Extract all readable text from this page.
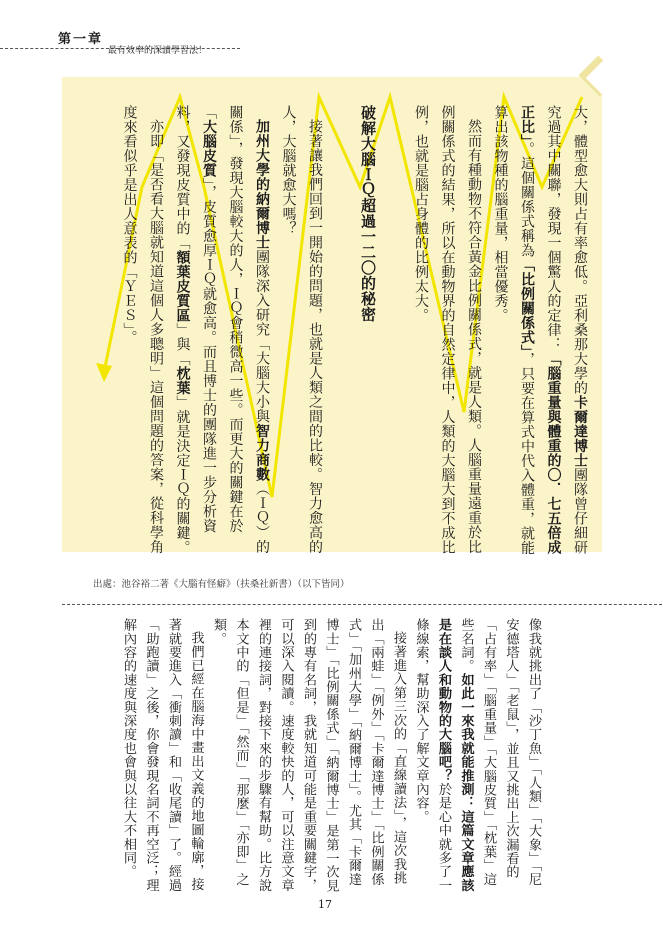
第一章
最有效率的深讀學習法！

大，體型愈大則占有率愈低。亞利桑那大學的卡爾達博士團隊曾仔細研究過其中關聯，發現一個驚人的定律：「腦重量與體重的〇．七五倍成正比」。這個關係式稱為「比例關係式」，只要在算式中代入體重，就能算出該物種的腦重量，相當優秀。

然而有種動物不符合黃金比例關係式，就是人類。人腦重量遠重於比例關係式的結果，所以在動物界的自然定律中，人類的大腦大到不成比例，也就是腦占身體的比例太大。

破解大腦ＩＱ超過一二〇的秘密

接著讓我們回到一開始的問題，也就是人類之間的比較。智力愈高的人，大腦就愈大嗎？

加州大學的納爾博士團隊深入研究「大腦大小與智力商數（ＩＱ）的關係」，發現大腦較大的人，ＩＱ會稍微高一些。而更大的關鍵在於「大腦皮質」，皮質愈厚ＩＱ就愈高。而且博士的團隊進一步分析資料，又發現皮質中的「額葉皮質區」與「枕葉」就是決定ＩＱ的關鍵。

亦即「是否看大腦就知道這個人多聰明」這個問題的答案，從科學角度來看似乎是出人意表的「ＹＥＳ」。

出處：池谷裕二著《大腦有怪癖》（扶桑社新書）（以下皆同）

像我就挑出了「沙丁魚」「人類」「大象」「尼安德塔人」「老鼠」，並且又挑出上次漏看的「占有率」「腦重量」「大腦皮質」「枕葉」這些名詞。如此一來我就能推測：這篇文章應該是在談人和動物的大腦吧？於是心中就多了一條線索，幫助深入了解文章內容。

接著進入第三次的「直線讀法」，這次我挑出「兩蛙」「例外」「卡爾達博士」「比例關係式」「加州大學」「納爾博士」。尤其「卡爾達博士」「比例關係式」「納爾博士」是第一次見到的專有名詞，我就知道可能是重要關鍵字，可以深入閱讀。速度較快的人，可以注意文章裡的連接詞，對接下來的步驟有幫助。比方說本文中的「但是」「然而」「那麼」「亦即」之類。

我們已經在腦海中畫出文義的地圖輪廓，接著就要進入「衝刺讀」和「收尾讀」了。經過「助跑讀」之後，你會發現名詞不再空泛；理解內容的速度與深度也會與以往大不相同。

17
